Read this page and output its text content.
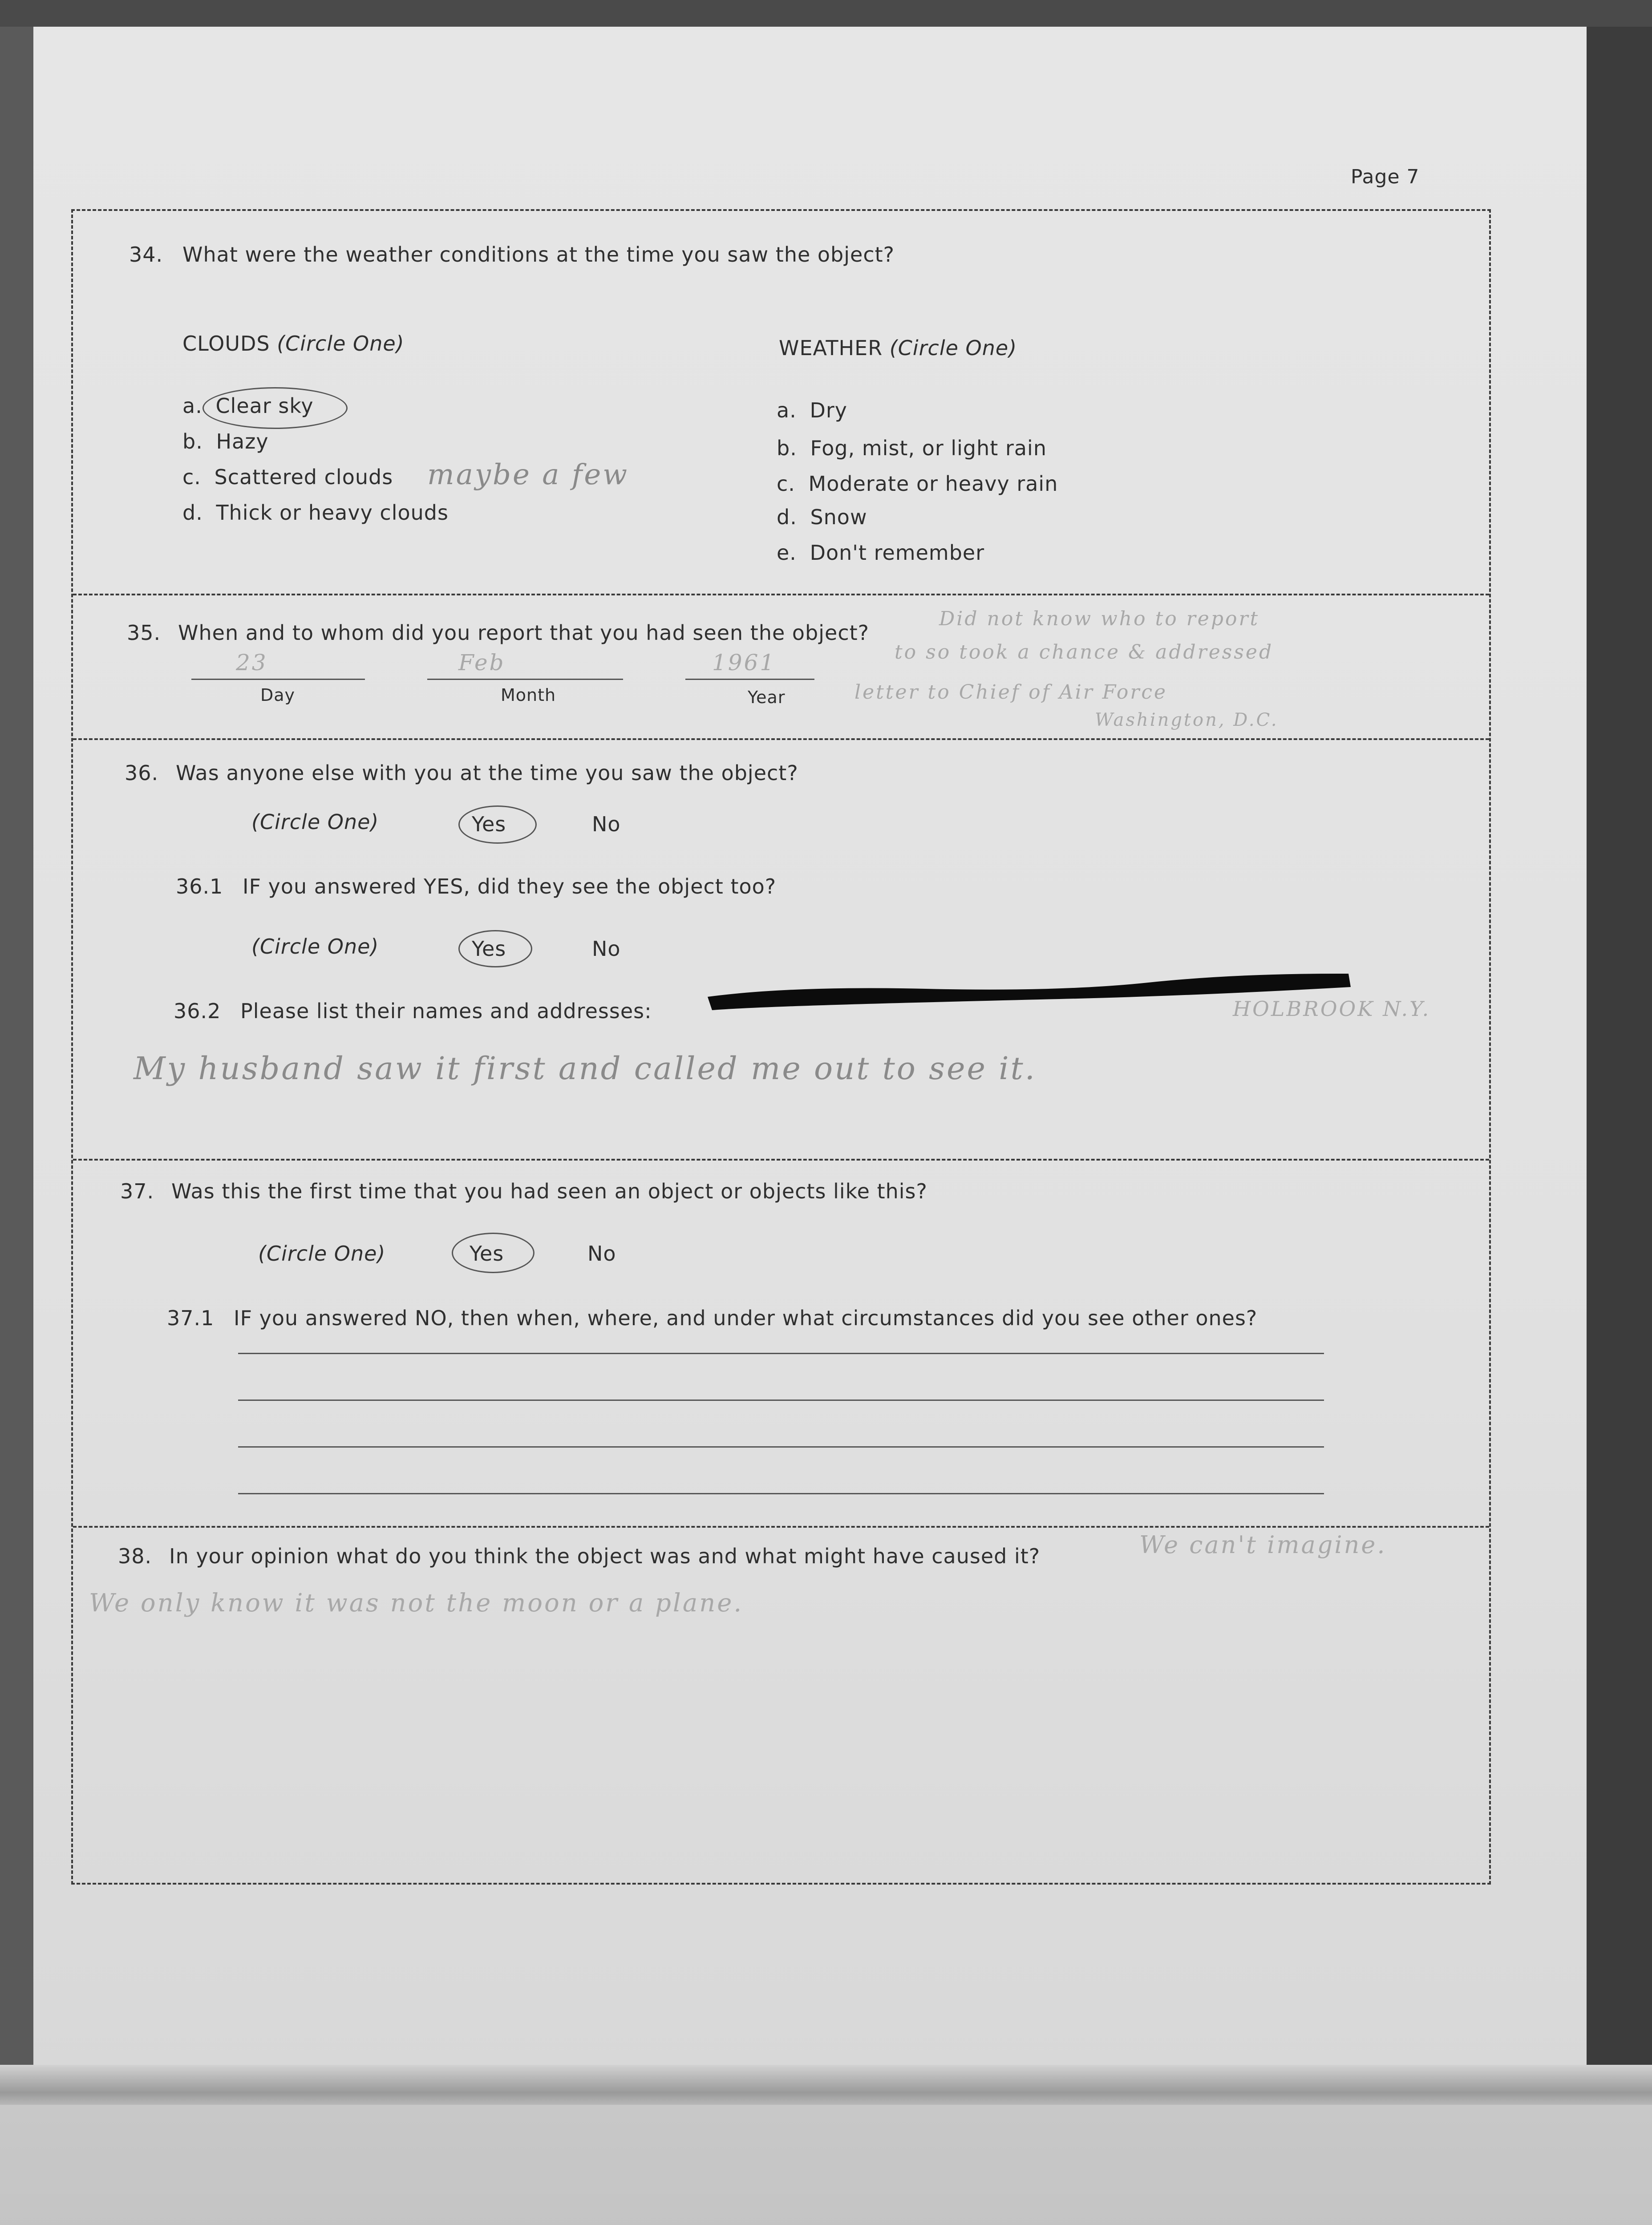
Page 7
34. What were the weather conditions at the time you saw the object?
CLOUDS (Circle One)	WEATHER (Circle One)
a. Clear sky
b. Hazy
c. Scattered clouds
d. Thick or heavy clouds
maybe a few
a. Dry
b. Fog, mist, or light rain
c. Moderate or heavy rain
d. Snow
e. Don't remember
35. When and to whom did you report that you had seen the object?
23
Day
Feb
Month
1961
Year
Did not know who to report
to so took a chance & addressed
letter to Chief of Air Force
Washington, D.C.
36. Was anyone else with you at the time you saw the object?
(Circle One)	Yes	No
36.1 IF you answered YES, did they see the object too?
(Circle One)	Yes	No
36.2 Please list their names and addresses:	HOLBROOK N.Y.
My husband saw it first and called me out to see it.
37. Was this the first time that you had seen an object or objects like this?
(Circle One)	Yes	No
37.1 IF you answered NO, then when, where, and under what circumstances did you see other ones?
38. In your opinion what do you think the object was and what might have caused it?	We can't imagine.
We only know it was not the moon or a plane.
